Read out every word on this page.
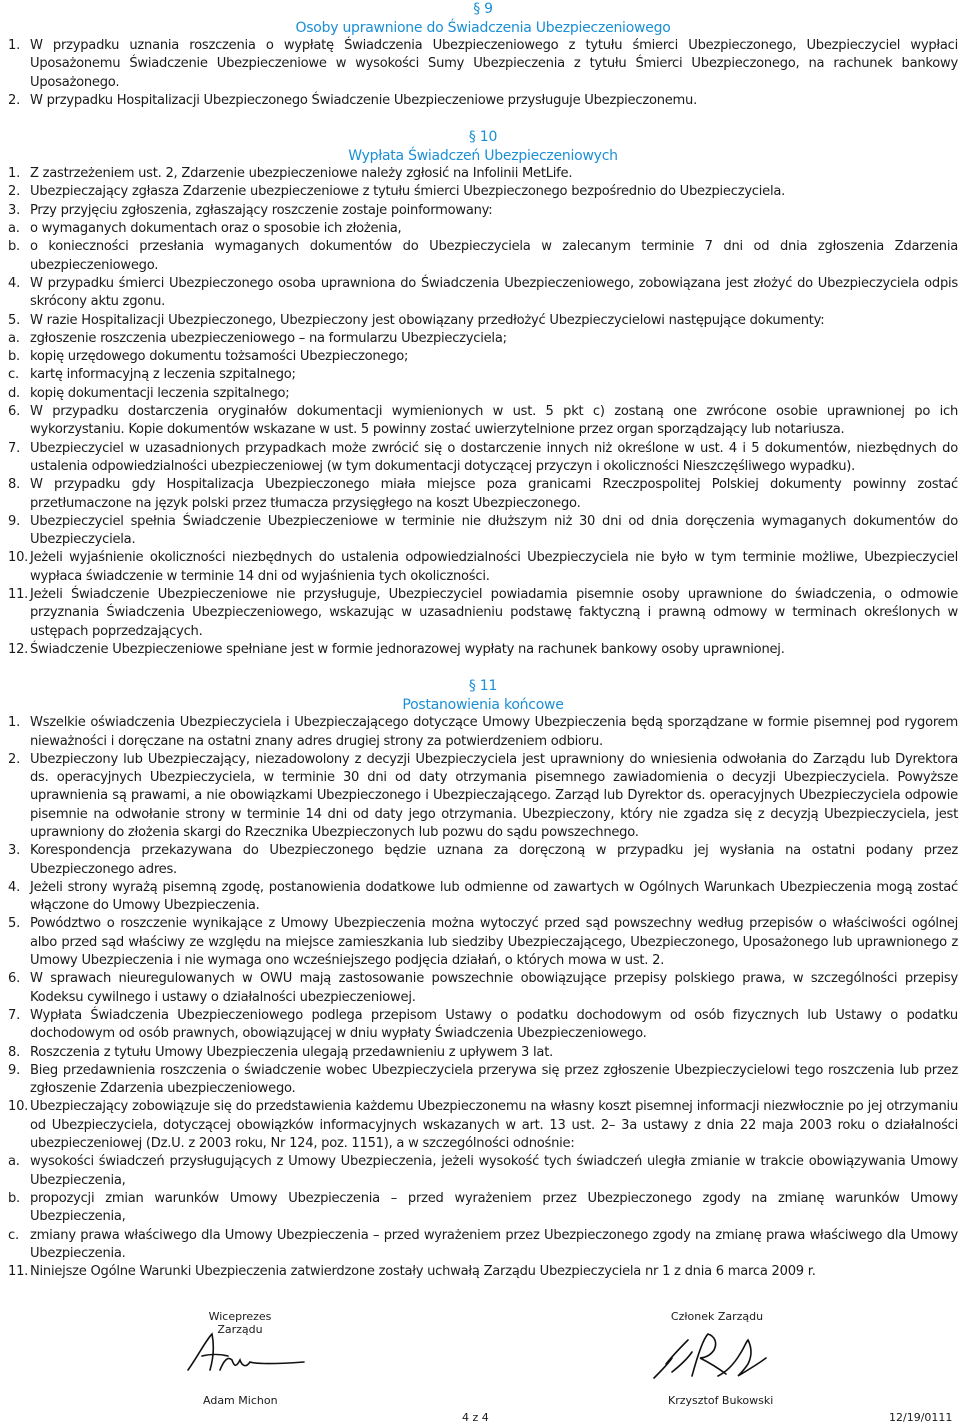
§ 9
Osoby uprawnione do Świadczenia Ubezpieczeniowego
1. W przypadku uznania roszczenia o wypłatę Świadczenia Ubezpieczeniowego z tytułu śmierci Ubezpieczonego, Ubezpieczyciel wypłaci Uposażonemu Świadczenie Ubezpieczeniowe w wysokości Sumy Ubezpieczenia z tytułu Śmierci Ubezpieczonego, na rachunek bankowy Uposażonego.
2. W przypadku Hospitalizacji Ubezpieczonego Świadczenie Ubezpieczeniowe przysługuje Ubezpieczonemu.
§ 10
Wypłata Świadczeń Ubezpieczeniowych
1. Z zastrzeżeniem ust. 2, Zdarzenie ubezpieczeniowe należy zgłosić na Infolinii MetLife.
2. Ubezpieczający zgłasza Zdarzenie ubezpieczeniowe z tytułu śmierci Ubezpieczonego bezpośrednio do Ubezpieczyciela.
3. Przy przyjęciu zgłoszenia, zgłaszający roszczenie zostaje poinformowany:
a. o wymaganych dokumentach oraz o sposobie ich złożenia,
b. o konieczności przesłania wymaganych dokumentów do Ubezpieczyciela w zalecanym terminie 7 dni od dnia zgłoszenia Zdarzenia ubezpieczeniowego.
4. W przypadku śmierci Ubezpieczonego osoba uprawniona do Świadczenia Ubezpieczeniowego, zobowiązana jest złożyć do Ubezpieczyciela odpis skrócony aktu zgonu.
5. W razie Hospitalizacji Ubezpieczonego, Ubezpieczony jest obowiązany przedłożyć Ubezpieczycielowi następujące dokumenty:
a. zgłoszenie roszczenia ubezpieczeniowego – na formularzu Ubezpieczyciela;
b. kopię urzędowego dokumentu tożsamości Ubezpieczonego;
c. kartę informacyjną z leczenia szpitalnego;
d. kopię dokumentacji leczenia szpitalnego;
6. W przypadku dostarczenia oryginałów dokumentacji wymienionych w ust. 5 pkt c) zostaną one zwrócone osobie uprawnionej po ich wykorzystaniu. Kopie dokumentów wskazane w ust. 5 powinny zostać uwierzytelnione przez organ sporządzający lub notariusza.
7. Ubezpieczyciel w uzasadnionych przypadkach może zwrócić się o dostarczenie innych niż określone w ust. 4 i 5 dokumentów, niezbędnych do ustalenia odpowiedzialności ubezpieczeniowej (w tym dokumentacji dotyczącej przyczyn i okoliczności Nieszczęśliwego wypadku).
8. W przypadku gdy Hospitalizacja Ubezpieczonego miała miejsce poza granicami Rzeczpospolitej Polskiej dokumenty powinny zostać przetłumaczone na język polski przez tłumacza przysięgłego na koszt Ubezpieczonego.
9. Ubezpieczyciel spełnia Świadczenie Ubezpieczeniowe w terminie nie dłuższym niż 30 dni od dnia doręczenia wymaganych dokumentów do Ubezpieczyciela.
10. Jeżeli wyjaśnienie okoliczności niezbędnych do ustalenia odpowiedzialności Ubezpieczyciela nie było w tym terminie możliwe, Ubezpieczyciel wypłaca świadczenie w terminie 14 dni od wyjaśnienia tych okoliczności.
11. Jeżeli Świadczenie Ubezpieczeniowe nie przysługuje, Ubezpieczyciel powiadamia pisemnie osoby uprawnione do świadczenia, o odmowie przyznania Świadczenia Ubezpieczeniowego, wskazując w uzasadnieniu podstawę faktyczną i prawną odmowy w terminach określonych w ustępach poprzedzających.
12. Świadczenie Ubezpieczeniowe spełniane jest w formie jednorazowej wypłaty na rachunek bankowy osoby uprawnionej.
§ 11
Postanowienia końcowe
1. Wszelkie oświadczenia Ubezpieczyciela i Ubezpieczającego dotyczące Umowy Ubezpieczenia będą sporządzane w formie pisemnej pod rygorem nieważności i doręczane na ostatni znany adres drugiej strony za potwierdzeniem odbioru.
2. Ubezpieczony lub Ubezpieczający, niezadowolony z decyzji Ubezpieczyciela jest uprawniony do wniesienia odwołania do Zarządu lub Dyrektora ds. operacyjnych Ubezpieczyciela, w terminie 30 dni od daty otrzymania pisemnego zawiadomienia o decyzji Ubezpieczyciela. Powyższe uprawnienia są prawami, a nie obowiązkami Ubezpieczonego i Ubezpieczającego. Zarząd lub Dyrektor ds. operacyjnych Ubezpieczyciela odpowie pisemnie na odwołanie strony w terminie 14 dni od daty jego otrzymania. Ubezpieczony, który nie zgadza się z decyzją Ubezpieczyciela, jest uprawniony do złożenia skargi do Rzecznika Ubezpieczonych lub pozwu do sądu powszechnego.
3. Korespondencja przekazywana do Ubezpieczonego będzie uznana za doręczoną w przypadku jej wysłania na ostatni podany przez Ubezpieczonego adres.
4. Jeżeli strony wyrażą pisemną zgodę, postanowienia dodatkowe lub odmienne od zawartych w Ogólnych Warunkach Ubezpieczenia mogą zostać włączone do Umowy Ubezpieczenia.
5. Powództwo o roszczenie wynikające z Umowy Ubezpieczenia można wytoczyć przed sąd powszechny według przepisów o właściwości ogólnej albo przed sąd właściwy ze względu na miejsce zamieszkania lub siedziby Ubezpieczającego, Ubezpieczonego, Uposażonego lub uprawnionego z Umowy Ubezpieczenia i nie wymaga ono wcześniejszego podjęcia działań, o których mowa w ust. 2.
6. W sprawach nieuregulowanych w OWU mają zastosowanie powszechnie obowiązujące przepisy polskiego prawa, w szczególności przepisy Kodeksu cywilnego i ustawy o działalności ubezpieczeniowej.
7. Wypłata Świadczenia Ubezpieczeniowego podlega przepisom Ustawy o podatku dochodowym od osób fizycznych lub Ustawy o podatku dochodowym od osób prawnych, obowiązującej w dniu wypłaty Świadczenia Ubezpieczeniowego.
8. Roszczenia z tytułu Umowy Ubezpieczenia ulegają przedawnieniu z upływem 3 lat.
9. Bieg przedawnienia roszczenia o świadczenie wobec Ubezpieczyciela przerywa się przez zgłoszenie Ubezpieczycielowi tego roszczenia lub przez zgłoszenie Zdarzenia ubezpieczeniowego.
10. Ubezpieczający zobowiązuje się do przedstawienia każdemu Ubezpieczonemu na własny koszt pisemnej informacji niezwłocznie po jej otrzymaniu od Ubezpieczyciela, dotyczącej obowiązków informacyjnych wskazanych w art. 13 ust. 2– 3a ustawy z dnia 22 maja 2003 roku o działalności ubezpieczeniowej (Dz.U. z 2003 roku, Nr 124, poz. 1151), a w szczególności odnośnie:
a. wysokości świadczeń przysługujących z Umowy Ubezpieczenia, jeżeli wysokość tych świadczeń uległa zmianie w trakcie obowiązywania Umowy Ubezpieczenia,
b. propozycji zmian warunków Umowy Ubezpieczenia – przed wyrażeniem przez Ubezpieczonego zgody na zmianę warunków Umowy Ubezpieczenia,
c. zmiany prawa właściwego dla Umowy Ubezpieczenia – przed wyrażeniem przez Ubezpieczonego zgody na zmianę prawa właściwego dla Umowy Ubezpieczenia.
11. Niniejsze Ogólne Warunki Ubezpieczenia zatwierdzone zostały uchwałą Zarządu Ubezpieczyciela nr 1 z dnia 6 marca 2009 r.
Wiceprezes Zarządu
Adam Michon
Członek Zarządu
Krzysztof Bukowski
4 z 4	12/19/0111
